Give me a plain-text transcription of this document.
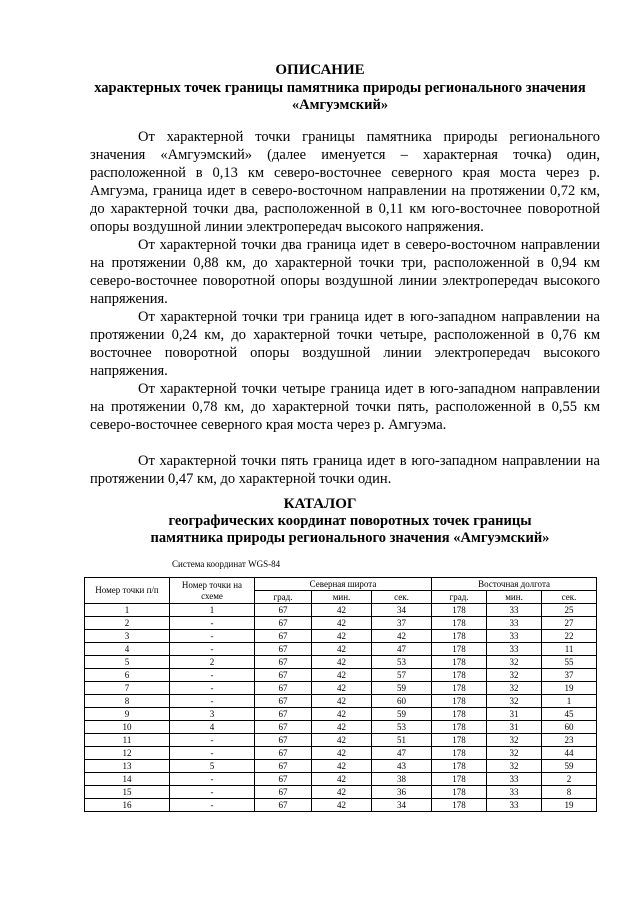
ОПИСАНИЕ
характерных точек границы памятника природы регионального значения
«Амгуэмский»

От характерной точки границы памятника природы регионального значения «Амгуэмский» (далее именуется – характерная точка) один, расположенной в 0,13 км северо-восточнее северного края моста через р. Амгуэма, граница идет в северо-восточном направлении на протяжении 0,72 км, до характерной точки два, расположенной в 0,11 км юго-восточнее поворотной опоры воздушной линии электропередач высокого напряжения.

От характерной точки два граница идет в северо-восточном направлении на протяжении 0,88 км, до характерной точки три, расположенной в 0,94 км северо-восточнее поворотной опоры воздушной линии электропередач высокого напряжения.

От характерной точки три граница идет в юго-западном направлении на протяжении 0,24 км, до характерной точки четыре, расположенной в 0,76 км восточнее поворотной опоры воздушной линии электропередач высокого напряжения.

От характерной точки четыре граница идет в юго-западном направлении на протяжении 0,78 км, до характерной точки пять, расположенной в 0,55 км северо-восточнее северного края моста через р. Амгуэма.

От характерной точки пять граница идет в юго-западном направлении на протяжении 0,47 км, до характерной точки один.

КАТАЛОГ
географических координат поворотных точек границы
памятника природы регионального значения «Амгуэмский»
Система координат WGS-84
Номер точки п/п	Номер точки на схеме	Северная широта			Восточная долгота		
		град.	мин.	сек.	град.	мин.	сек.
1	1	67	42	34	178	33	25
2	-	67	42	37	178	33	27
3	-	67	42	42	178	33	22
4	-	67	42	47	178	33	11
5	2	67	42	53	178	32	55
6	-	67	42	57	178	32	37
7	-	67	42	59	178	32	19
8	-	67	42	60	178	32	1
9	3	67	42	59	178	31	45
10	4	67	42	53	178	31	60
11	-	67	42	51	178	32	23
12	-	67	42	47	178	32	44
13	5	67	42	43	178	32	59
14	-	67	42	38	178	33	2
15	-	67	42	36	178	33	8
16	-	67	42	34	178	33	19
